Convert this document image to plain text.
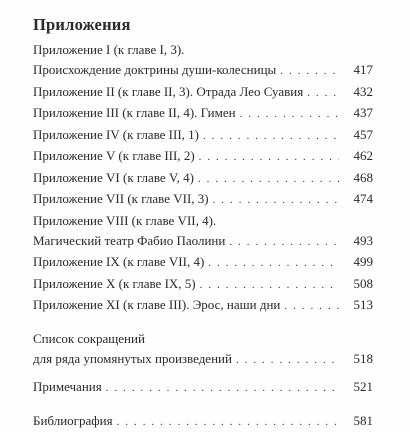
Приложения
Приложение I (к главе I, 3).
Происхождение доктрины души-колесницы . . .	417
Приложение II (к главе II, 3). Отрада Лео Суавия . . .	432
Приложение III (к главе II, 4). Гимен . . .	437
Приложение IV (к главе III, 1) . . .	457
Приложение V (к главе III, 2) . . .	462
Приложение VI (к главе V, 4) . . .	468
Приложение VII (к главе VII, 3) . . .	474
Приложение VIII (к главе VII, 4).
Магический театр Фабио Паолини . . .	493
Приложение IX (к главе VII, 4) . . .	499
Приложение X (к главе IX, 5) . . .	508
Приложение XI (к главе III). Эрос, наши дни . . .	513
Список сокращений
для ряда упомянутых произведений . . .	518
Примечания . . .	521
Библиография . . .	581
